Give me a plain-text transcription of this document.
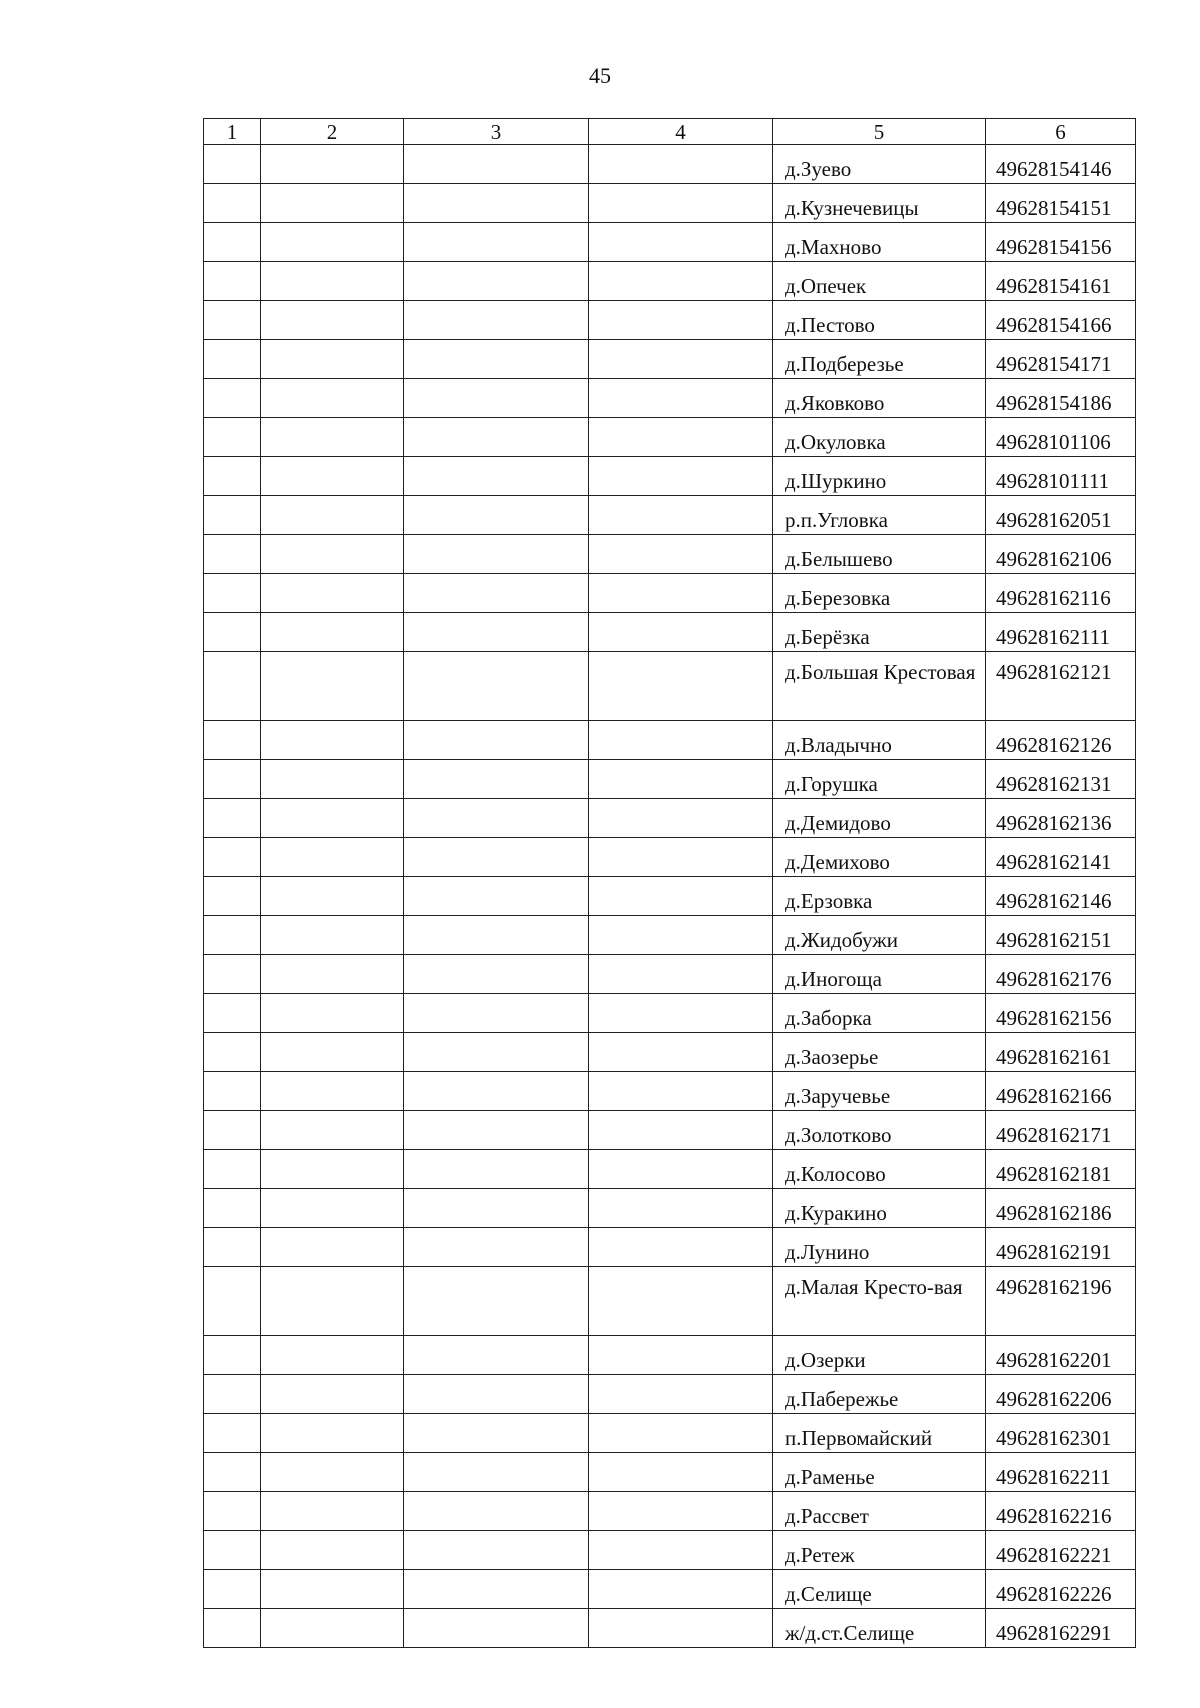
45
1	2	3	4	5	6

				д.Зуево	49628154146

				д.Кузнечевицы	49628154151

				д.Махново	49628154156

				д.Опечек	49628154161

				д.Пестово	49628154166

				д.Подберезье	49628154171

				д.Яковково	49628154186

				д.Окуловка	49628101106

				д.Шуркино	49628101111

				р.п.Угловка	49628162051

				д.Белышево	49628162106

				д.Березовка	49628162116

				д.Берёзка	49628162111

				д.Большая Крестовая	49628162121

				д.Владычно	49628162126

				д.Горушка	49628162131

				д.Демидово	49628162136

				д.Демихово	49628162141

				д.Ерзовка	49628162146

				д.Жидобужи	49628162151

				д.Иногоща	49628162176

				д.Заборка	49628162156

				д.Заозерье	49628162161

				д.Заручевье	49628162166

				д.Золотково	49628162171

				д.Колосово	49628162181

				д.Куракино	49628162186

				д.Лунино	49628162191

				д.Малая Кресто-вая	49628162196

				д.Озерки	49628162201

				д.Пабережье	49628162206

				п.Первомайский	49628162301

				д.Раменье	49628162211

				д.Рассвет	49628162216

				д.Ретеж	49628162221

				д.Селище	49628162226

				ж/д.ст.Селище	49628162291
